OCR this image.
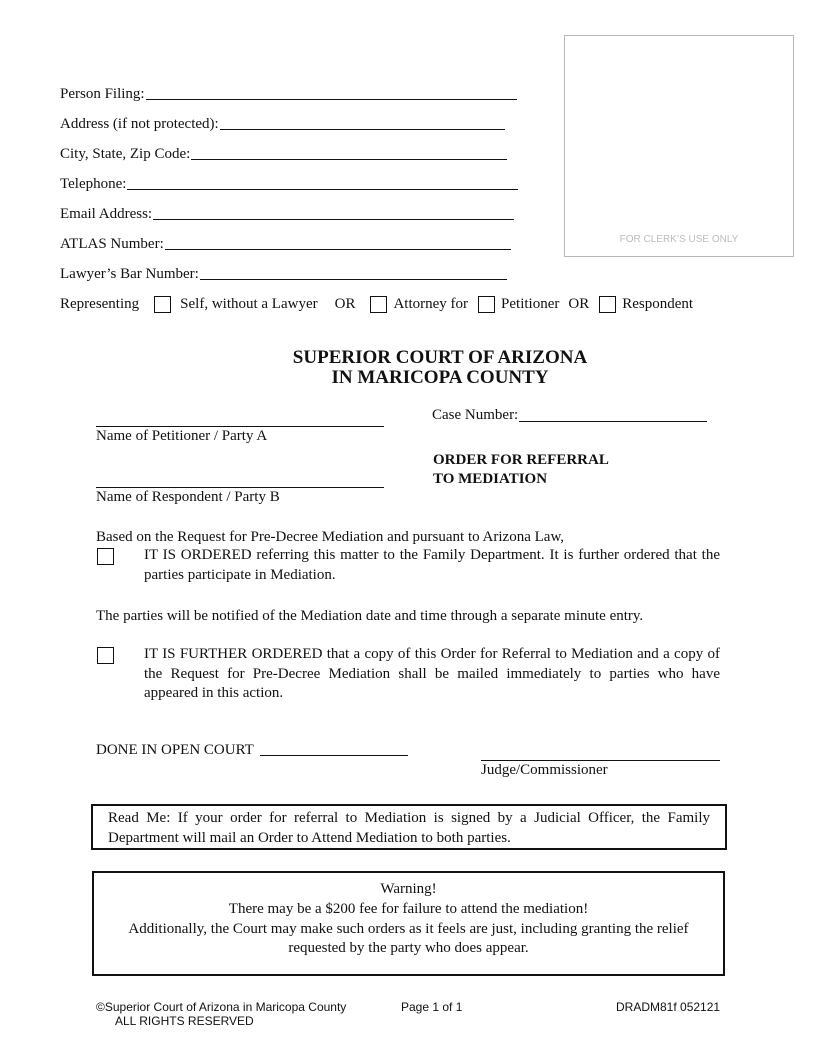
Person Filing:
Address (if not protected):
City, State, Zip Code:
Telephone:
Email Address:
ATLAS Number:
Lawyer’s Bar Number:
Representing	Self, without a Lawyer OR	Attorney for Petitioner OR Respondent
FOR CLERK’S USE ONLY
SUPERIOR COURT OF ARIZONA
IN MARICOPA COUNTY
Name of Petitioner / Party A
Name of Respondent / Party B
Case Number:
ORDER FOR REFERRAL
TO MEDIATION
Based on the Request for Pre-Decree Mediation and pursuant to Arizona Law,
IT IS ORDERED referring this matter to the Family Department. It is further ordered that the parties participate in Mediation.
The parties will be notified of the Mediation date and time through a separate minute entry.
IT IS FURTHER ORDERED that a copy of this Order for Referral to Mediation and a copy of the Request for Pre-Decree Mediation shall be mailed immediately to parties who have appeared in this action.
DONE IN OPEN COURT
Judge/Commissioner
Read Me: If your order for referral to Mediation is signed by a Judicial Officer, the Family Department will mail an Order to Attend Mediation to both parties.
Warning!
There may be a $200 fee for failure to attend the mediation!
Additionally, the Court may make such orders as it feels are just, including granting the relief requested by the party who does appear.
©Superior Court of Arizona in Maricopa County
ALL RIGHTS RESERVED
Page 1 of 1	DRADM81f 052121
